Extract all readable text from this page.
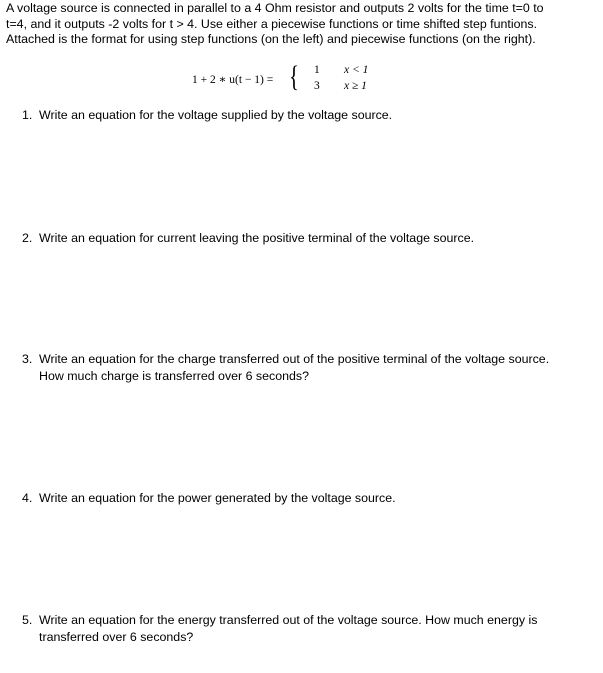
A voltage source is connected in parallel to a 4 Ohm resistor and outputs 2 volts for the time t=0 to
t=4, and it outputs -2 volts for t > 4. Use either a piecewise functions or time shifted step funtions.
Attached is the format for using step functions (on the left) and piecewise functions (on the right).
1 + 2 ∗ u(t − 1) = { 1 x < 1
3 x ≥ 1
1. Write an equation for the voltage supplied by the voltage source.
2. Write an equation for current leaving the positive terminal of the voltage source.
3. Write an equation for the charge transferred out of the positive terminal of the voltage source.
How much charge is transferred over 6 seconds?
4. Write an equation for the power generated by the voltage source.
5. Write an equation for the energy transferred out of the voltage source. How much energy is
transferred over 6 seconds?
